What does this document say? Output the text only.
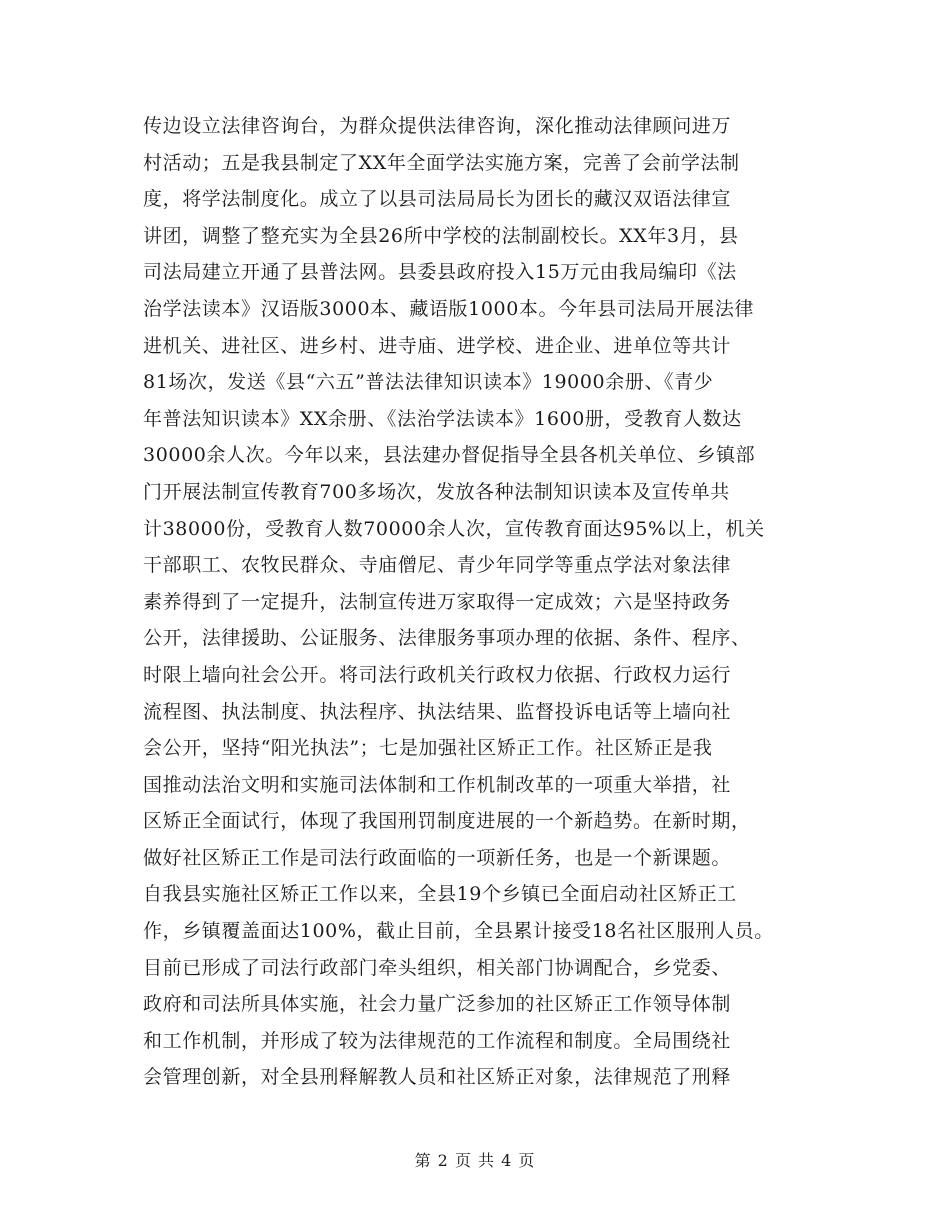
传边设立法律咨询台，为群众提供法律咨询，深化推动法律顾问进万
村活动；五是我县制定了XX年全面学法实施方案，完善了会前学法制
度，将学法制度化。成立了以县司法局局长为团长的藏汉双语法律宣
讲团，调整了整充实为全县26所中学校的法制副校长。XX年3月，县
司法局建立开通了县普法网。县委县政府投入15万元由我局编印《法
治学法读本》汉语版3000本、藏语版1000本。今年县司法局开展法律
进机关、进社区、进乡村、进寺庙、进学校、进企业、进单位等共计
81场次，发送《县“六五”普法法律知识读本》19000余册、《青少
年普法知识读本》XX余册、《法治学法读本》1600册，受教育人数达
30000余人次。今年以来，县法建办督促指导全县各机关单位、乡镇部
门开展法制宣传教育700多场次，发放各种法制知识读本及宣传单共
计38000份，受教育人数70000余人次，宣传教育面达95%以上，机关
干部职工、农牧民群众、寺庙僧尼、青少年同学等重点学法对象法律
素养得到了一定提升，法制宣传进万家取得一定成效；六是坚持政务
公开，法律援助、公证服务、法律服务事项办理的依据、条件、程序、
时限上墙向社会公开。将司法行政机关行政权力依据、行政权力运行
流程图、执法制度、执法程序、执法结果、监督投诉电话等上墙向社
会公开，坚持“阳光执法”；七是加强社区矫正工作。社区矫正是我
国推动法治文明和实施司法体制和工作机制改革的一项重大举措，社
区矫正全面试行，体现了我国刑罚制度进展的一个新趋势。在新时期，
做好社区矫正工作是司法行政面临的一项新任务，也是一个新课题。
自我县实施社区矫正工作以来，全县19个乡镇已全面启动社区矫正工
作，乡镇覆盖面达100%，截止目前，全县累计接受18名社区服刑人员。
目前已形成了司法行政部门牵头组织，相关部门协调配合，乡党委、
政府和司法所具体实施，社会力量广泛参加的社区矫正工作领导体制
和工作机制，并形成了较为法律规范的工作流程和制度。全局围绕社
会管理创新，对全县刑释解教人员和社区矫正对象，法律规范了刑释
第 2 页 共 4 页
